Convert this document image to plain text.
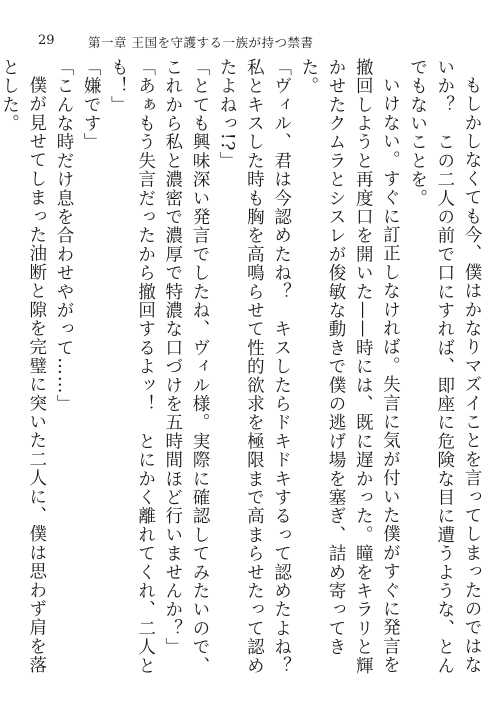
29	第一章 王国を守護する一族が持つ禁書

もしかしなくても今、僕はかなりマズイことを言ってしまったのではないか？　この二人の前で口にすれば、即座に危険な目に遭うような、とんでもないことを。

いけない。すぐに訂正しなければ。失言に気が付いた僕がすぐに発言を撤回しようと再度口を開いた——時には、既に遅かった。瞳をキラリと輝かせたクムラとシスレが俊敏な動きで僕の逃げ場を塞ぎ、詰め寄ってきた。

「ヴィル、君は今認めたね？　キスしたらドキドキするって認めたよね？　私とキスした時も胸を高鳴らせて性的欲求を極限まで高まらせたって認めたよねっ!?」

「とても興味深い発言でしたね、ヴィル様。実際に確認してみたいので、これから私と濃密で濃厚で特濃な口づけを五時間ほど行いませんか？」

「あぁもう失言だったから撤回するよッ！　とにかく離れてくれ、二人とも！」

「嫌です」

「こんな時だけ息を合わせやがって……」

僕が見せてしまった油断と隙を完璧に突いた二人に、僕は思わず肩を落とした。
